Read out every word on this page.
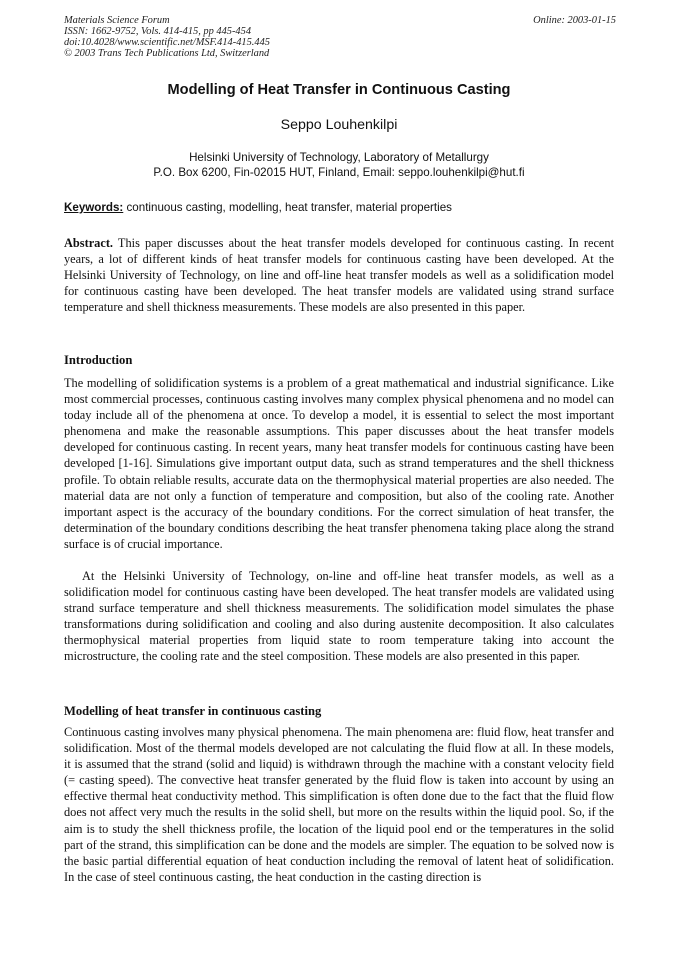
Materials Science Forum
ISSN: 1662-9752, Vols. 414-415, pp 445-454
doi:10.4028/www.scientific.net/MSF.414-415.445
© 2003 Trans Tech Publications Ltd, Switzerland
Online: 2003-01-15
Modelling of Heat Transfer in Continuous Casting
Seppo Louhenkilpi
Helsinki University of Technology, Laboratory of Metallurgy
P.O. Box 6200, Fin-02015 HUT, Finland, Email: seppo.louhenkilpi@hut.fi
Keywords: continuous casting, modelling, heat transfer, material properties
Abstract. This paper discusses about the heat transfer models developed for continuous casting. In recent years, a lot of different kinds of heat transfer models for continuous casting have been developed. At the Helsinki University of Technology, on line and off-line heat transfer models as well as a solidification model for continuous casting have been developed. The heat transfer models are validated using strand surface temperature and shell thickness measurements. These models are also presented in this paper.
Introduction
The modelling of solidification systems is a problem of a great mathematical and industrial significance. Like most commercial processes, continuous casting involves many complex physical phenomena and no model can today include all of the phenomena at once. To develop a model, it is essential to select the most important phenomena and make the reasonable assumptions. This paper discusses about the heat transfer models developed for continuous casting. In recent years, many heat transfer models for continuous casting have been developed [1-16]. Simulations give important output data, such as strand temperatures and the shell thickness profile. To obtain reliable results, accurate data on the thermophysical material properties are also needed. The material data are not only a function of temperature and composition, but also of the cooling rate. Another important aspect is the accuracy of the boundary conditions. For the correct simulation of heat transfer, the determination of the boundary conditions describing the heat transfer phenomena taking place along the strand surface is of crucial importance.
At the Helsinki University of Technology, on-line and off-line heat transfer models, as well as a solidification model for continuous casting have been developed. The heat transfer models are validated using strand surface temperature and shell thickness measurements. The solidification model simulates the phase transformations during solidification and cooling and also during austenite decomposition. It also calculates thermophysical material properties from liquid state to room temperature taking into account the microstructure, the cooling rate and the steel composition. These models are also presented in this paper.
Modelling of heat transfer in continuous casting
Continuous casting involves many physical phenomena. The main phenomena are: fluid flow, heat transfer and solidification. Most of the thermal models developed are not calculating the fluid flow at all. In these models, it is assumed that the strand (solid and liquid) is withdrawn through the machine with a constant velocity field (= casting speed). The convective heat transfer generated by the fluid flow is taken into account by using an effective thermal heat conductivity method. This simplification is often done due to the fact that the fluid flow does not affect very much the results in the solid shell, but more on the results within the liquid pool. So, if the aim is to study the shell thickness profile, the location of the liquid pool end or the temperatures in the solid part of the strand, this simplification can be done and the models are simpler. The equation to be solved now is the basic partial differential equation of heat conduction including the removal of latent heat of solidification. In the case of steel continuous casting, the heat conduction in the casting direction is
